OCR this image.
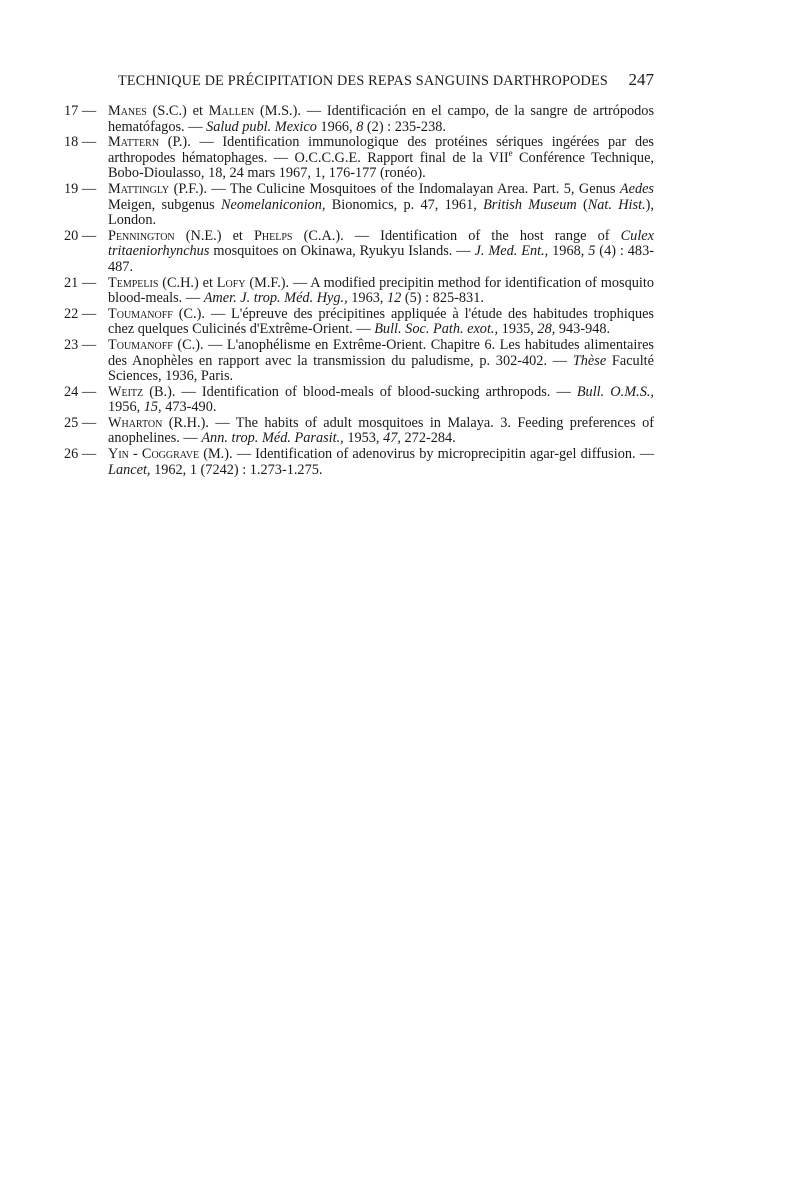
TECHNIQUE DE PRÉCIPITATION DES REPAS SANGUINS DARTHROPODES 247
17 — Manes (S.C.) et Mallen (M.S.). — Identificación en el campo, de la sangre de artrópodos hematófagos. — Salud publ. Mexico 1966, 8 (2) : 235-238.
18 — Mattern (P.). — Identification immunologique des protéines sériques ingérées par des arthropodes hématophages. — O.C.C.G.E. Rapport final de la VIIe Conférence Technique, Bobo-Dioulasso, 18, 24 mars 1967, 1, 176-177 (ronéo).
19 — Mattingly (P.F.). — The Culicine Mosquitoes of the Indomalayan Area. Part. 5, Genus Aedes Meigen, subgenus Neomelaniconion, Bionomics, p. 47, 1961, British Museum (Nat. Hist.), London.
20 — Pennington (N.E.) et Phelps (C.A.). — Identification of the host range of Culex tritaeniorhynchus mosquitoes on Okinawa, Ryukyu Islands. — J. Med. Ent., 1968, 5 (4) : 483-487.
21 — Tempelis (C.H.) et Lofy (M.F.). — A modified precipitin method for identification of mosquito blood-meals. — Amer. J. trop. Méd. Hyg., 1963, 12 (5) : 825-831.
22 — Toumanoff (C.). — L'épreuve des précipitines appliquée à l'étude des habitudes trophiques chez quelques Culicinés d'Extrême-Orient. — Bull. Soc. Path. exot., 1935, 28, 943-948.
23 — Toumanoff (C.). — L'anophélisme en Extrême-Orient. Chapitre 6. Les habitudes alimentaires des Anophèles en rapport avec la transmission du paludisme, p. 302-402. — Thèse Faculté Sciences, 1936, Paris.
24 — Weitz (B.). — Identification of blood-meals of blood-sucking arthropods. — Bull. O.M.S., 1956, 15, 473-490.
25 — Wharton (R.H.). — The habits of adult mosquitoes in Malaya. 3. Feeding preferences of anophelines. — Ann. trop. Méd. Parasit., 1953, 47, 272-284.
26 — Yin - Coggrave (M.). — Identification of adenovirus by microprecipitin agar-gel diffusion. — Lancet, 1962, 1 (7242) : 1.273-1.275.
